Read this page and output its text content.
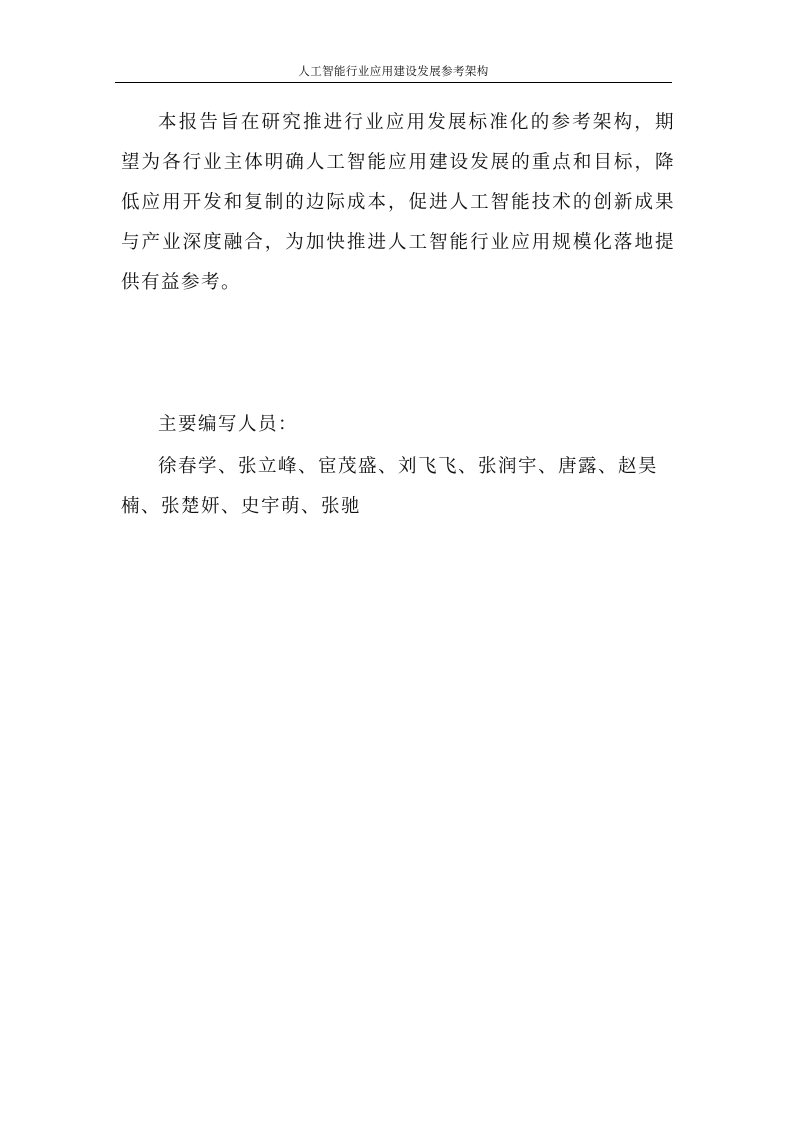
人工智能行业应用建设发展参考架构

本报告旨在研究推进行业应用发展标准化的参考架构，期望为各行业主体明确人工智能应用建设发展的重点和目标，降低应用开发和复制的边际成本，促进人工智能技术的创新成果与产业深度融合，为加快推进人工智能行业应用规模化落地提供有益参考。

主要编写人员：

徐春学、张立峰、宦茂盛、刘飞飞、张润宇、唐露、赵昊楠、张楚妍、史宇萌、张驰
